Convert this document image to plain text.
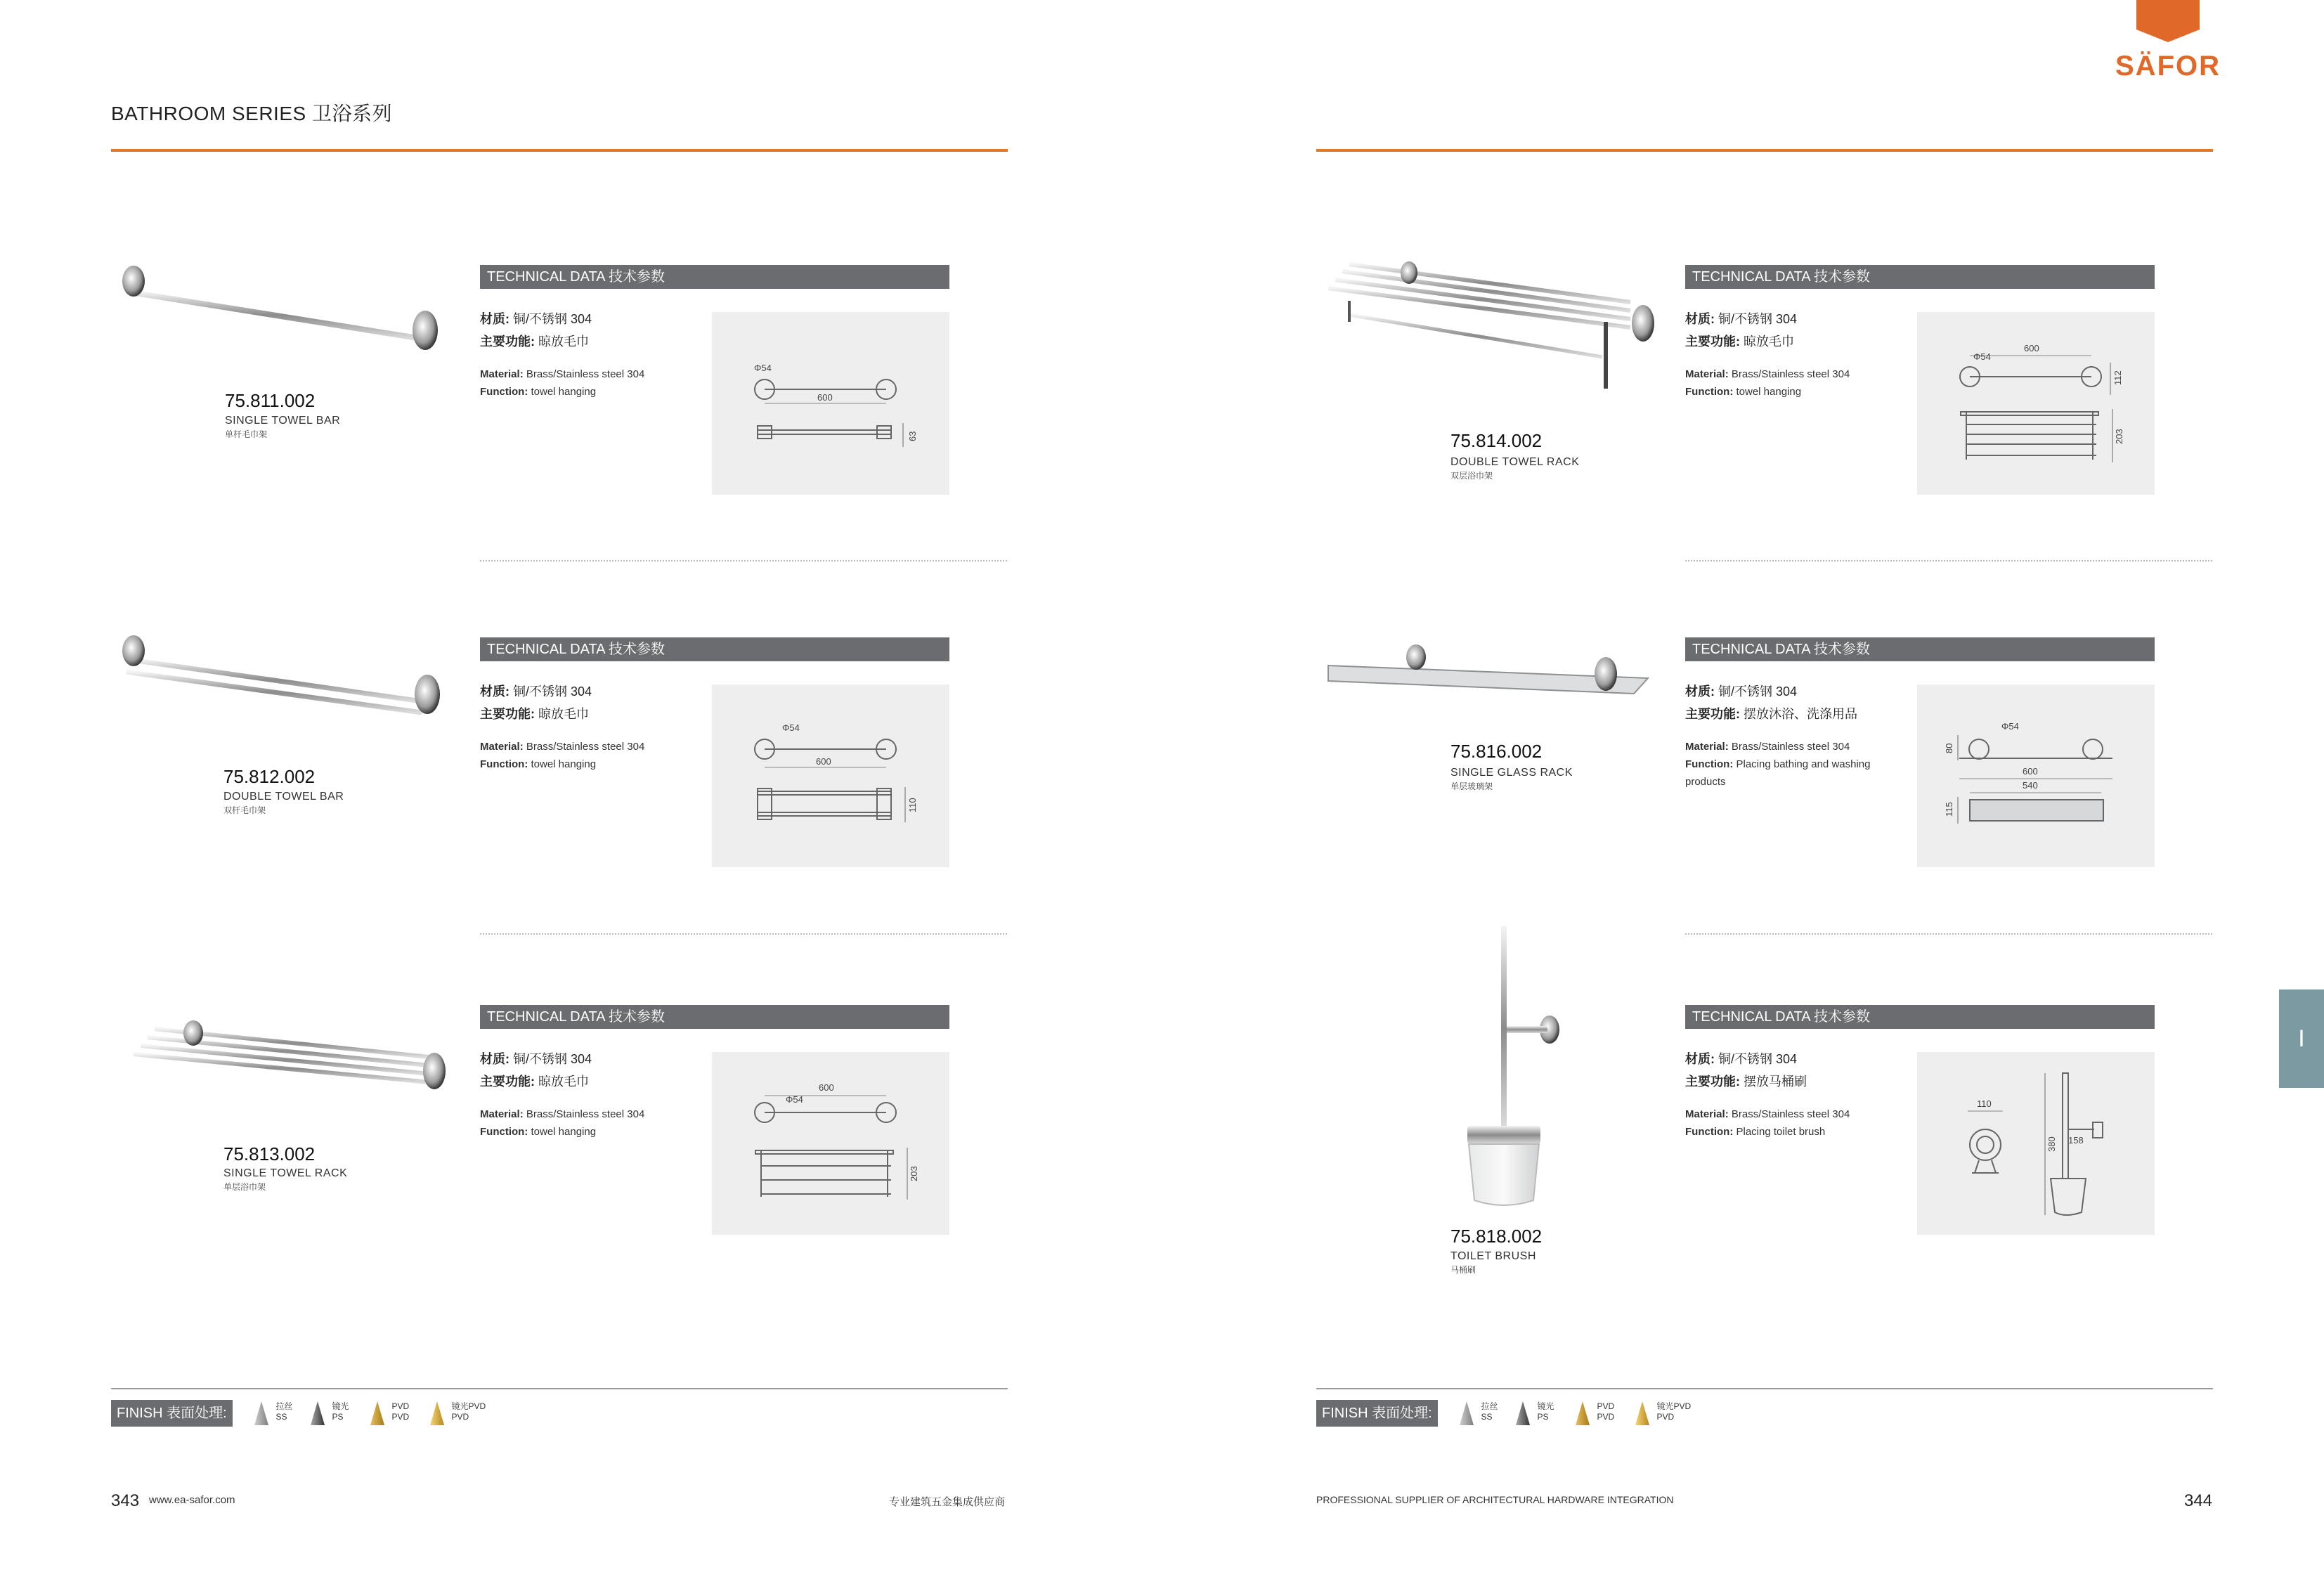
BATHROOM SERIES 卫浴系列
SÄFOR
75.811.002
SINGLE TOWEL BAR
单杆毛巾架
TECHNICAL DATA 技术参数
材质: 铜/不锈钢 304
主要功能: 晾放毛巾
Material: Brass/Stainless steel 304
Function: towel hanging
Φ54
600
63
75.812.002
DOUBLE TOWEL BAR
双杆毛巾架
TECHNICAL DATA 技术参数
材质: 铜/不锈钢 304
主要功能: 晾放毛巾
Material: Brass/Stainless steel 304
Function: towel hanging
Φ54
600
110
75.813.002
SINGLE TOWEL RACK
单层浴巾架
TECHNICAL DATA 技术参数
材质: 铜/不锈钢 304
主要功能: 晾放毛巾
Material: Brass/Stainless steel 304
Function: towel hanging
600
Φ54
203
75.814.002
DOUBLE TOWEL RACK
双层浴巾架
TECHNICAL DATA 技术参数
材质: 铜/不锈钢 304
主要功能: 晾放毛巾
Material: Brass/Stainless steel 304
Function: towel hanging
600
Φ54
112
203
75.816.002
SINGLE GLASS RACK
单层玻璃架
TECHNICAL DATA 技术参数
材质: 铜/不锈钢 304
主要功能: 摆放沐浴、洗涤用品
Material: Brass/Stainless steel 304
Function: Placing bathing and washing products
Φ54
80
600
540
115
75.818.002
TOILET BRUSH
马桶刷
TECHNICAL DATA 技术参数
材质: 铜/不锈钢 304
主要功能: 摆放马桶刷
Material: Brass/Stainless steel 304
Function: Placing toilet brush
110
380 158
I
FINISH 表面处理:	拉丝
SS
镜光
PS
PVD
PVD
镜光PVD
PVD	FINISH 表面处理:	拉丝
SS
镜光
PS
PVD
PVD
镜光PVD
PVD
343 www.ea-safor.com	专业建筑五金集成供应商	PROFESSIONAL SUPPLIER OF ARCHITECTURAL HARDWARE INTEGRATION	344
